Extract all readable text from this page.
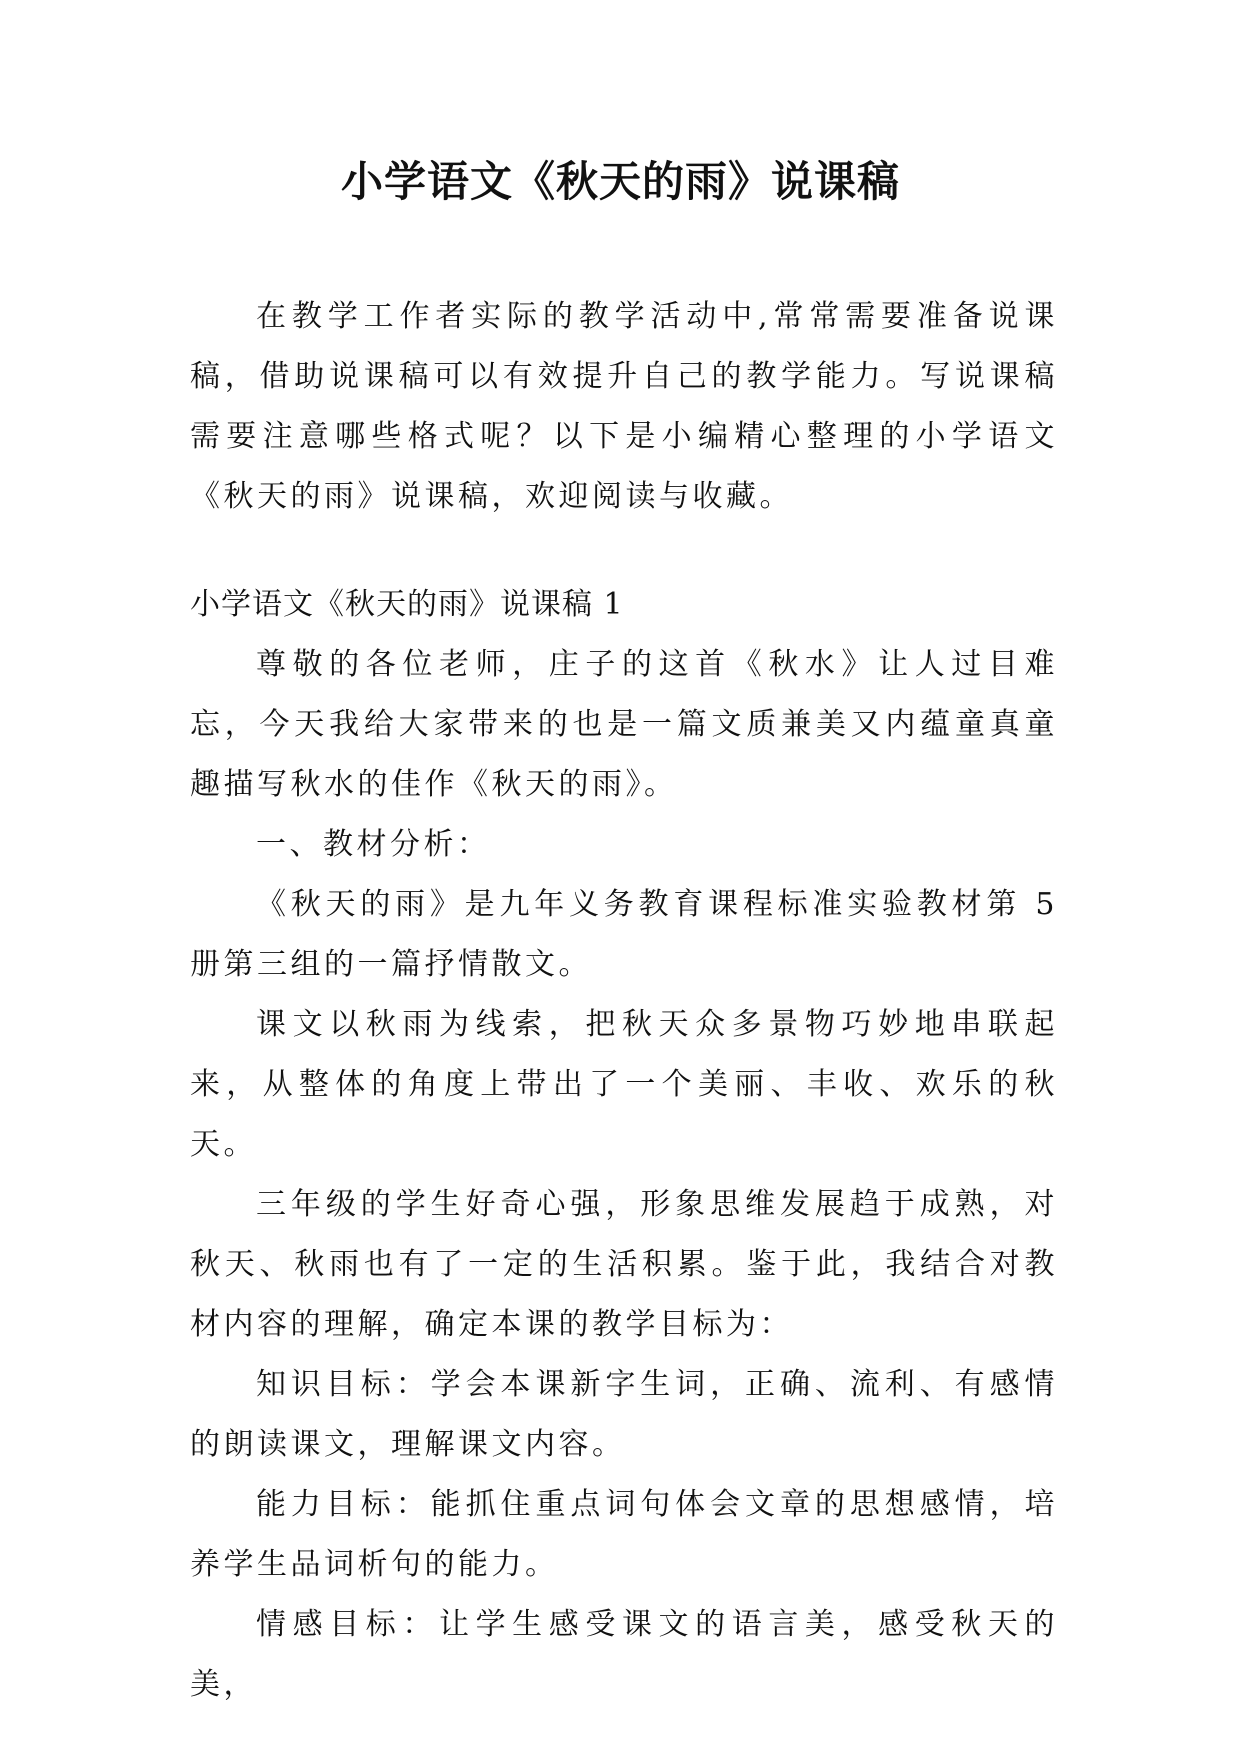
小学语文《秋天的雨》说课稿

在教学工作者实际的教学活动中,常常需要准备说课稿，借助说课稿可以有效提升自己的教学能力。写说课稿需要注意哪些格式呢？以下是小编精心整理的小学语文《秋天的雨》说课稿，欢迎阅读与收藏。

小学语文《秋天的雨》说课稿 1

尊敬的各位老师，庄子的这首《秋水》让人过目难忘，今天我给大家带来的也是一篇文质兼美又内蕴童真童趣描写秋水的佳作《秋天的雨》。

一、教材分析：

《秋天的雨》是九年义务教育课程标准实验教材第 5 册第三组的一篇抒情散文。

课文以秋雨为线索，把秋天众多景物巧妙地串联起来，从整体的角度上带出了一个美丽、丰收、欢乐的秋天。

三年级的学生好奇心强，形象思维发展趋于成熟，对秋天、秋雨也有了一定的生活积累。鉴于此，我结合对教材内容的理解，确定本课的教学目标为：

知识目标：学会本课新字生词，正确、流利、有感情的朗读课文，理解课文内容。

能力目标：能抓住重点词句体会文章的思想感情，培养学生品词析句的能力。

情感目标：让学生感受课文的语言美，感受秋天的美，
